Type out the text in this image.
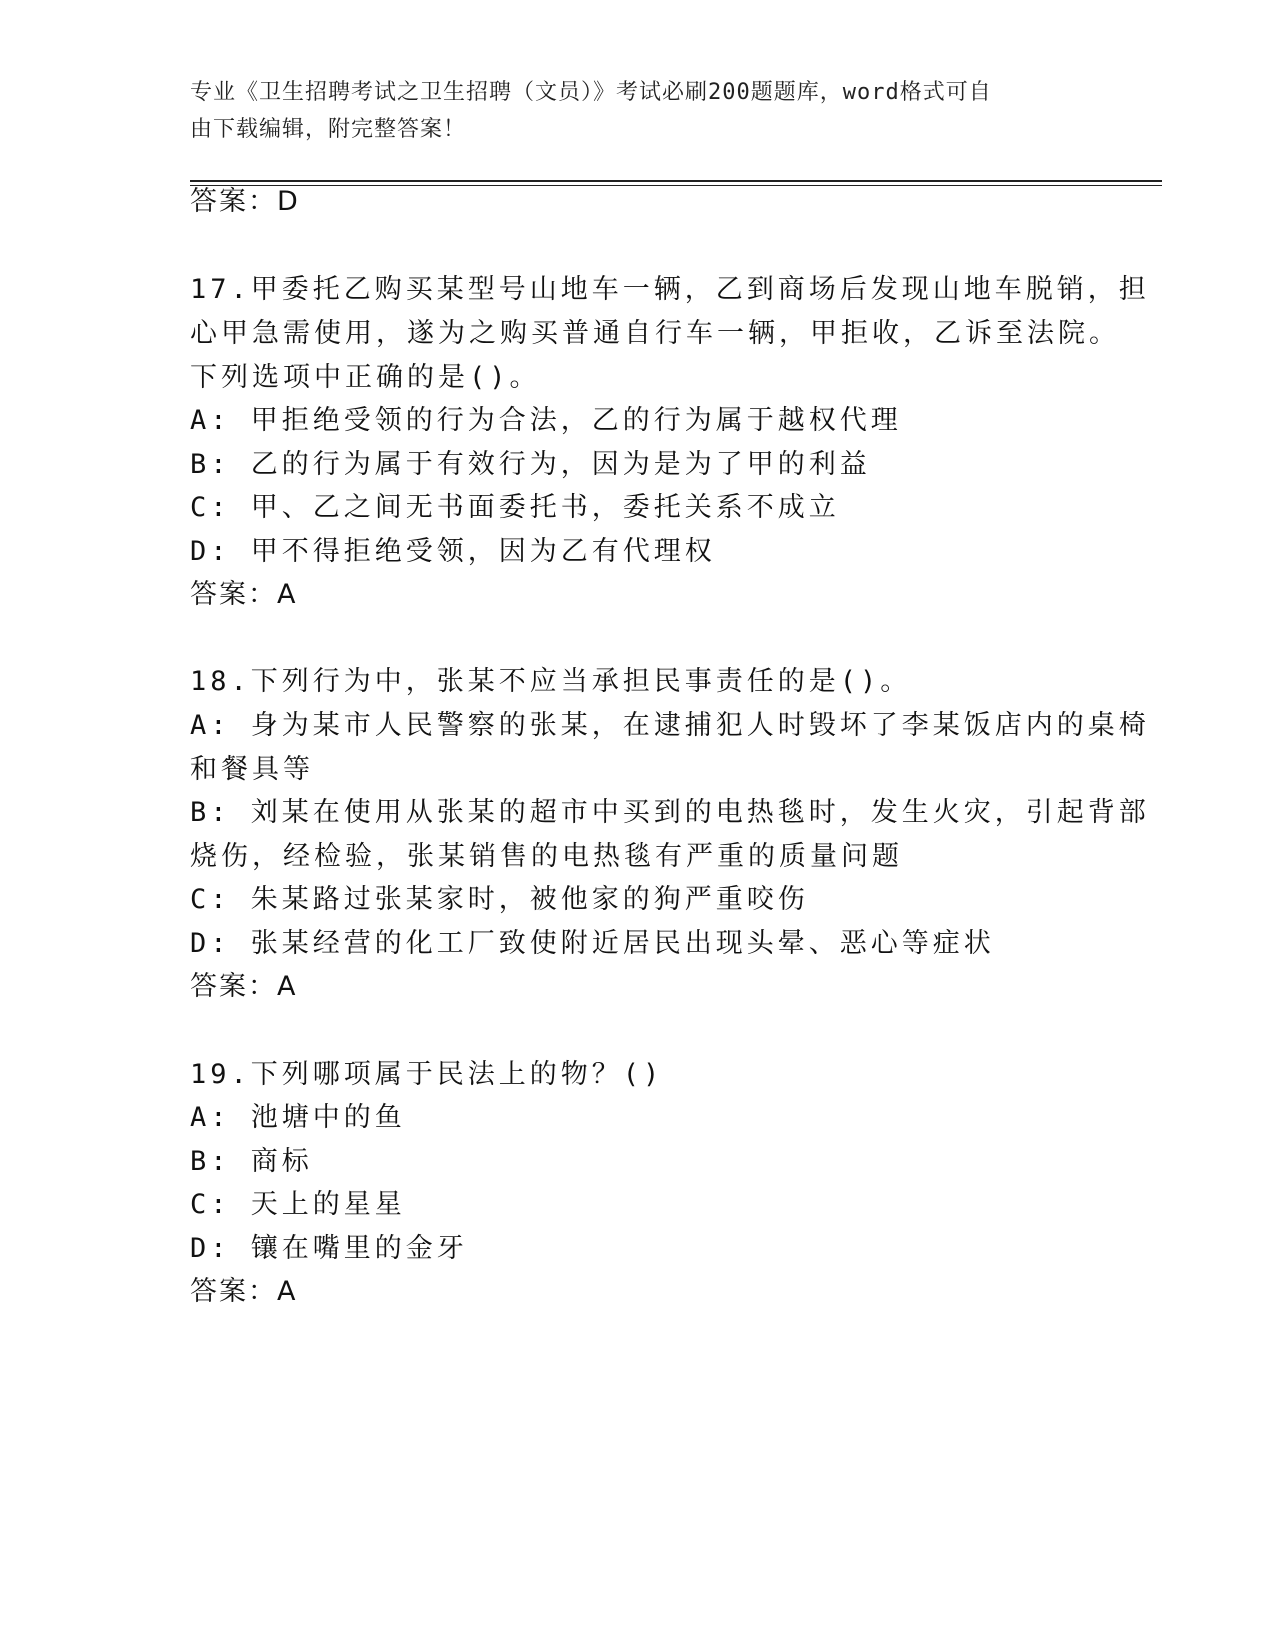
专业《卫生招聘考试之卫生招聘（文员）》考试必刷200题题库，word格式可自
由下载编辑，附完整答案！
答案：D
17.甲委托乙购买某型号山地车一辆，乙到商场后发现山地车脱销，担
心甲急需使用，遂为之购买普通自行车一辆，甲拒收，乙诉至法院。
下列选项中正确的是()。
A: 甲拒绝受领的行为合法，乙的行为属于越权代理
B: 乙的行为属于有效行为，因为是为了甲的利益
C: 甲、乙之间无书面委托书，委托关系不成立
D: 甲不得拒绝受领，因为乙有代理权
答案：A
18.下列行为中，张某不应当承担民事责任的是()。
A: 身为某市人民警察的张某，在逮捕犯人时毁坏了李某饭店内的桌椅
和餐具等
B: 刘某在使用从张某的超市中买到的电热毯时，发生火灾，引起背部
烧伤，经检验，张某销售的电热毯有严重的质量问题
C: 朱某路过张某家时，被他家的狗严重咬伤
D: 张某经营的化工厂致使附近居民出现头晕、恶心等症状
答案：A
19.下列哪项属于民法上的物？()
A: 池塘中的鱼
B: 商标
C: 天上的星星
D: 镶在嘴里的金牙
答案：A
